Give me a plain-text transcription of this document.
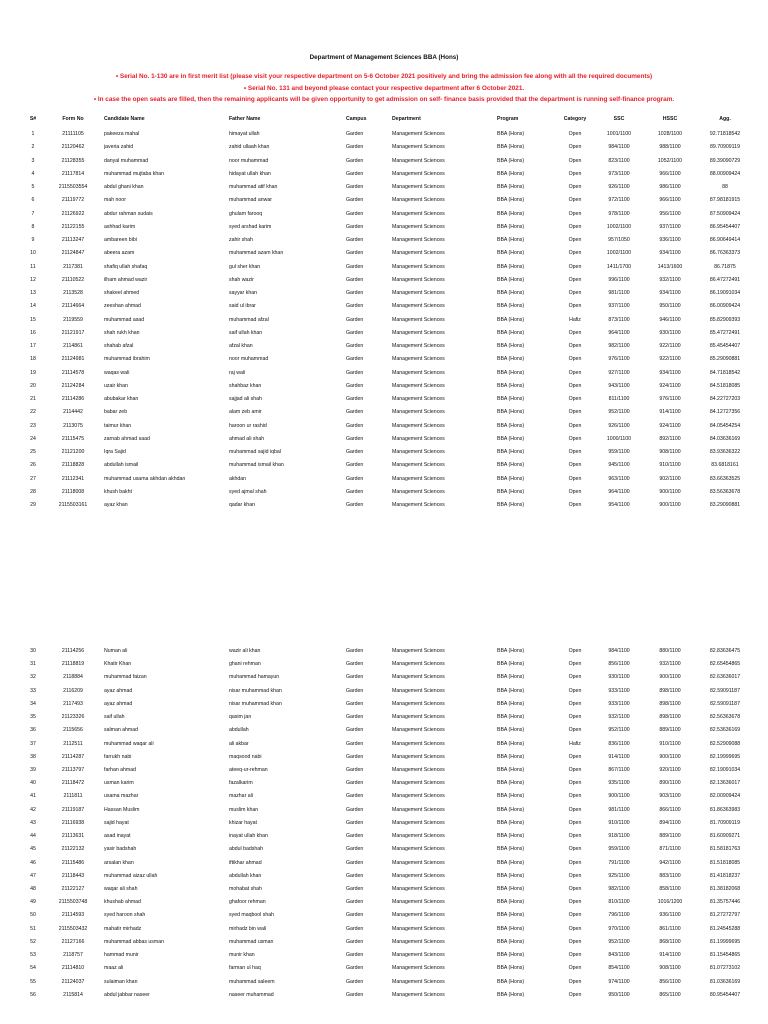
Department of Management Sciences BBA (Hons)
• Serial No. 1-130 are in first merit list (please visit your respective department on 5-6 October 2021 positively and bring the admission fee along with all the required documents)
• Serial No. 131 and beyond please contact your respective department after 6 October 2021.
• In case the open seats are filled, then the remaining applicants will be given opportunity to get admission on self- finance basis provided that the department is running self-finance program.
S#	Form No	Candidate Name	Father Name	Campus	Department	Program	Category	SSC	HSSC	Agg.
1	21111105	pakeeza mahal	himayat ullah	Garden	Management Sciences	BBA (Hons)	Open	1001/1100	1028/1100	92.71818542
2	21120462	javeria zahid	zahid ullaah khan	Garden	Management Sciences	BBA (Hons)	Open	984/1100	988/1100	89.70909119
3	21128355	danyal muhammad	noor muhammad	Garden	Management Sciences	BBA (Hons)	Open	823/1100	1052/1100	89.39090729
4	21117814	muhammad mujtaba khan	hidayat ullah khan	Garden	Management Sciences	BBA (Hons)	Open	973/1100	966/1100	88.00909424
5	2115503554	abdul ghani khan	muhammad atif khan	Garden	Management Sciences	BBA (Hons)	Open	926/1100	986/1100	88
6	21119772	mah noor	muhammad anwar	Garden	Management Sciences	BBA (Hons)	Open	972/1100	966/1100	87.98181915
7	21126922	abdur rahman sudais	ghulam farooq	Garden	Management Sciences	BBA (Hons)	Open	978/1100	956/1100	87.50909424
8	21122155	ashhad karim	syed arshad karim	Garden	Management Sciences	BBA (Hons)	Open	1002/1100	937/1100	86.95454407
9	21113247	ambareen bibi	zahir shah	Garden	Management Sciences	BBA (Hons)	Open	957/1050	936/1100	86.90649414
10	21124847	abeera azam	muhammad azam khan	Garden	Management Sciences	BBA (Hons)	Open	1002/1100	934/1100	86.76363373
11	2117381	shafiq ullah shafaq	gul sher khan	Garden	Management Sciences	BBA (Hons)	Open	1411/1700	1413/1600	86.71875
12	21110522	ilham ahmad wazir	shah wazir	Garden	Management Sciences	BBA (Hons)	Open	996/1100	932/1100	86.47272491
13	2113528	shakeel ahmed	sayyar khan	Garden	Management Sciences	BBA (Hons)	Open	981/1100	934/1100	86.19091034
14	21114664	zeeshan ahmad	said ul ibrar	Garden	Management Sciences	BBA (Hons)	Open	937/1100	950/1100	86.00909424
15	2119559	muhammad asad	muhammad afzal	Garden	Management Sciences	BBA (Hons)	Hafiz	873/1100	946/1100	85.82909393
16	21121917	shah rukh khan	saif ullah khan	Garden	Management Sciences	BBA (Hons)	Open	964/1100	930/1100	85.47272491
17	2114861	shahab afzal	afzal khan	Garden	Management Sciences	BBA (Hons)	Open	982/1100	922/1100	85.45454407
18	21124981	muhammad ibrahim	noor muhammad	Garden	Management Sciences	BBA (Hons)	Open	976/1100	922/1100	85.29090881
19	21114578	waqas wali	raj wali	Garden	Management Sciences	BBA (Hons)	Open	927/1100	934/1100	84.71818542
20	21124284	uzair khan	shahbaz khan	Garden	Management Sciences	BBA (Hons)	Open	943/1100	924/1100	84.51818085
21	21114286	abubakar khan	sajjad ali shah	Garden	Management Sciences	BBA (Hons)	Open	811/1100	976/1100	84.22727203
22	2114442	babar zeb	alam zeb amir	Garden	Management Sciences	BBA (Hons)	Open	952/1100	914/1100	84.12727356
23	2113075	taimur khan	haroon ur rashid	Garden	Management Sciences	BBA (Hons)	Open	926/1100	924/1100	84.05454254
24	21115475	zarnab ahmad saad	ahmad ali shah	Garden	Management Sciences	BBA (Hons)	Open	1000/1100	892/1100	84.03636169
25	21121200	Iqra Sajid	muhammad sajid iqbal	Garden	Management Sciences	BBA (Hons)	Open	959/1100	908/1100	83.93636322
26	21118828	abdullah ismail	muhammad ismail khan	Garden	Management Sciences	BBA (Hons)	Open	945/1100	910/1100	83.6818161
27	21112341	muhammad usama akhdan akhdan	akhdan	Garden	Management Sciences	BBA (Hons)	Open	963/1100	902/1100	83.66363525
28	21118008	khush bakht	syed ajmal shah	Garden	Management Sciences	BBA (Hons)	Open	964/1100	900/1100	83.56363678
29	2115503161	ayaz khan	qadar khan	Garden	Management Sciences	BBA (Hons)	Open	954/1100	900/1100	83.29090881
30	21114256	Numan ali	wazir ali khan	Garden	Management Sciences	BBA (Hons)	Open	984/1100	880/1100	82.83636475
31	21118819	Khatir Khan	ghani rehman	Garden	Management Sciences	BBA (Hons)	Open	856/1100	932/1100	82.65454865
32	2118884	muhammad faizan	muhammad hamayun	Garden	Management Sciences	BBA (Hons)	Open	930/1100	900/1100	82.63636017
33	2116209	ayaz ahmad	nisar muhammad khan	Garden	Management Sciences	BBA (Hons)	Open	933/1100	898/1100	82.59091187
34	2117493	ayaz ahmad	nisar muhammad khan	Garden	Management Sciences	BBA (Hons)	Open	933/1100	898/1100	82.59091187
35	21123326	saif ullah	qasim jan	Garden	Management Sciences	BBA (Hons)	Open	932/1100	898/1100	82.56363678
36	2115656	salman ahmad	abdullah	Garden	Management Sciences	BBA (Hons)	Open	952/1100	889/1100	82.53636169
37	2112511	muhammad waqar ali	ali akbar	Garden	Management Sciences	BBA (Hons)	Hafiz	836/1100	910/1100	82.52909088
38	21114287	farrukh nabi	maqsood nabi	Garden	Management Sciences	BBA (Hons)	Open	914/1100	900/1100	82.19999695
39	21113797	farhan ahmad	ateeq-ur-rehman	Garden	Management Sciences	BBA (Hons)	Open	867/1100	920/1100	82.19091034
40	21118472	usman karim	fazalkarim	Garden	Management Sciences	BBA (Hons)	Open	935/1100	890/1100	82.13636017
41	2111811	usama mazhar	mazhar ali	Garden	Management Sciences	BBA (Hons)	Open	900/1100	903/1100	82.00909424
42	21119187	Hassan Muslim	muslim khan	Garden	Management Sciences	BBA (Hons)	Open	981/1100	866/1100	81.86363983
43	21116938	sajid hayat	khizar hayat	Garden	Management Sciences	BBA (Hons)	Open	910/1100	894/1100	81.70909119
44	21113631	asad inayat	inayat ullah khan	Garden	Management Sciences	BBA (Hons)	Open	918/1100	889/1100	81.60909271
45	21122132	yasir badshah	abdul badshah	Garden	Management Sciences	BBA (Hons)	Open	959/1100	871/1100	81.58181763
46	21115486	arsalan khan	iftikhar ahmad	Garden	Management Sciences	BBA (Hons)	Open	791/1100	942/1100	81.51818085
47	21118443	muhammad aizaz ullah	abdullah khan	Garden	Management Sciences	BBA (Hons)	Open	925/1100	883/1100	81.41818237
48	21122127	waqar ali shah	mohabat shah	Garden	Management Sciences	BBA (Hons)	Open	982/1100	858/1100	81.38182068
49	2115503748	khushab ahmad	ghafoor rehman	Garden	Management Sciences	BBA (Hons)	Open	810/1100	1016/1200	81.35757446
50	21114593	syed haroon shah	syed maqbool shah	Garden	Management Sciences	BBA (Hons)	Open	796/1100	936/1100	81.27272797
51	2115503432	mahatir mirhadz	mirhadz bin wali	Garden	Management Sciences	BBA (Hons)	Open	970/1100	861/1100	81.24545288
52	21127166	muhammad abbas usman	muhammad usman	Garden	Management Sciences	BBA (Hons)	Open	952/1100	868/1100	81.19999695
53	2118757	hammad munir	munir khan	Garden	Management Sciences	BBA (Hons)	Open	843/1100	914/1100	81.15454865
54	21114810	maaz ali	farman ul haq	Garden	Management Sciences	BBA (Hons)	Open	854/1100	908/1100	81.07273102
55	21124037	sulaiman khan	muhammad saleem	Garden	Management Sciences	BBA (Hons)	Open	974/1100	856/1100	81.03636169
56	2115814	abdul jabbar naseer	naseer muhammad	Garden	Management Sciences	BBA (Hons)	Open	950/1100	865/1100	80.95454407
